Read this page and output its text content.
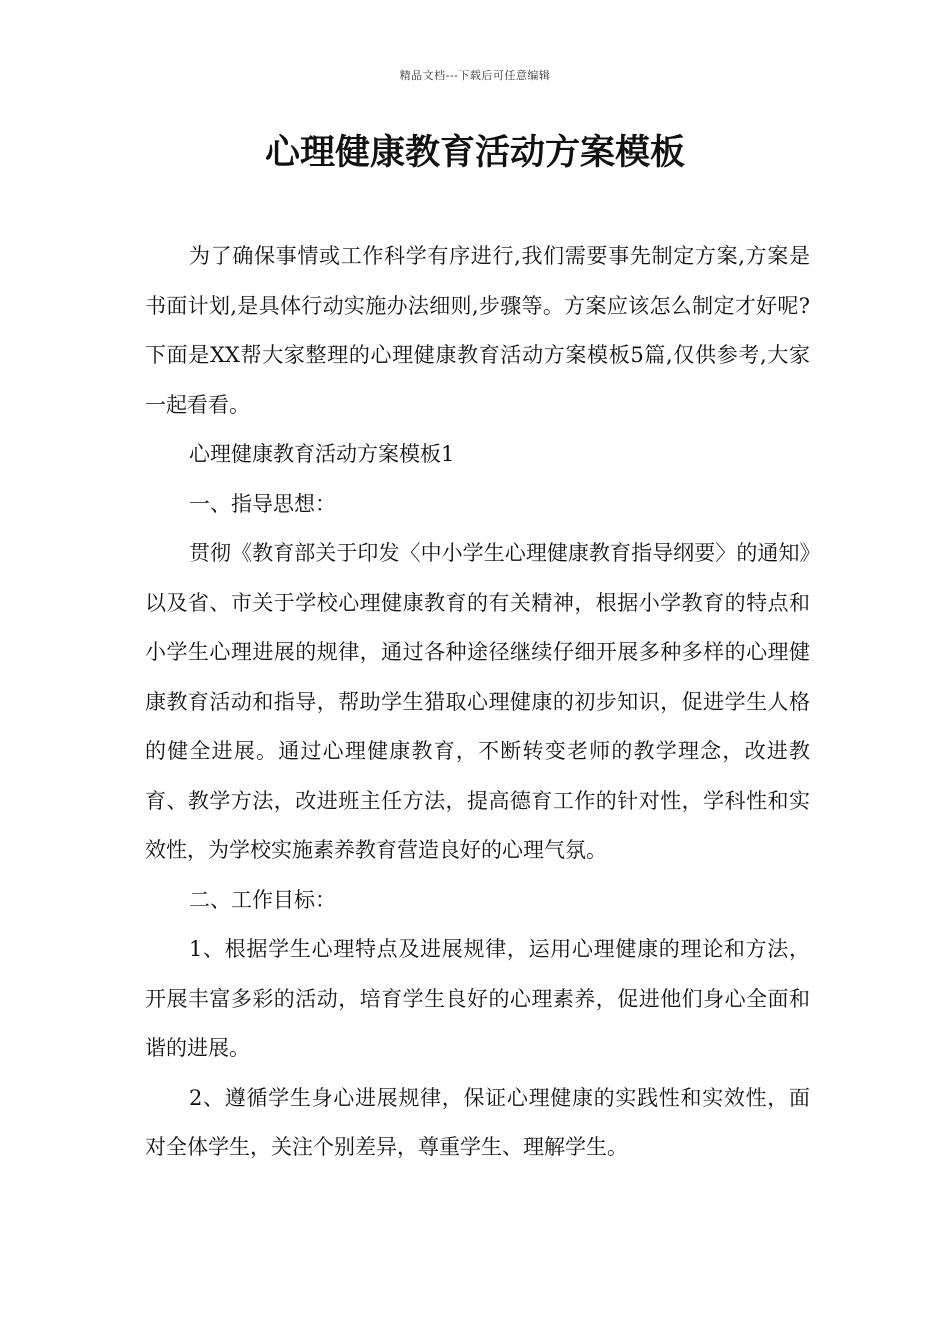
精品文档---下载后可任意编辑
心理健康教育活动方案模板

为了确保事情或工作科学有序进行,我们需要事先制定方案,方案是书面计划,是具体行动实施办法细则,步骤等。方案应该怎么制定才好呢?下面是XX帮大家整理的心理健康教育活动方案模板5篇,仅供参考,大家一起看看。

心理健康教育活动方案模板1

一、指导思想：

贯彻《教育部关于印发〈中小学生心理健康教育指导纲要〉的通知》以及省、市关于学校心理健康教育的有关精神，根据小学教育的特点和小学生心理进展的规律，通过各种途径继续仔细开展多种多样的心理健康教育活动和指导，帮助学生猎取心理健康的初步知识，促进学生人格的健全进展。通过心理健康教育，不断转变老师的教学理念，改进教育、教学方法，改进班主任方法，提高德育工作的针对性，学科性和实效性，为学校实施素养教育营造良好的心理气氛。

二、工作目标：

1、根据学生心理特点及进展规律，运用心理健康的理论和方法，开展丰富多彩的活动，培育学生良好的心理素养，促进他们身心全面和谐的进展。

2、遵循学生身心进展规律，保证心理健康的实践性和实效性，面对全体学生，关注个别差异，尊重学生、理解学生。
